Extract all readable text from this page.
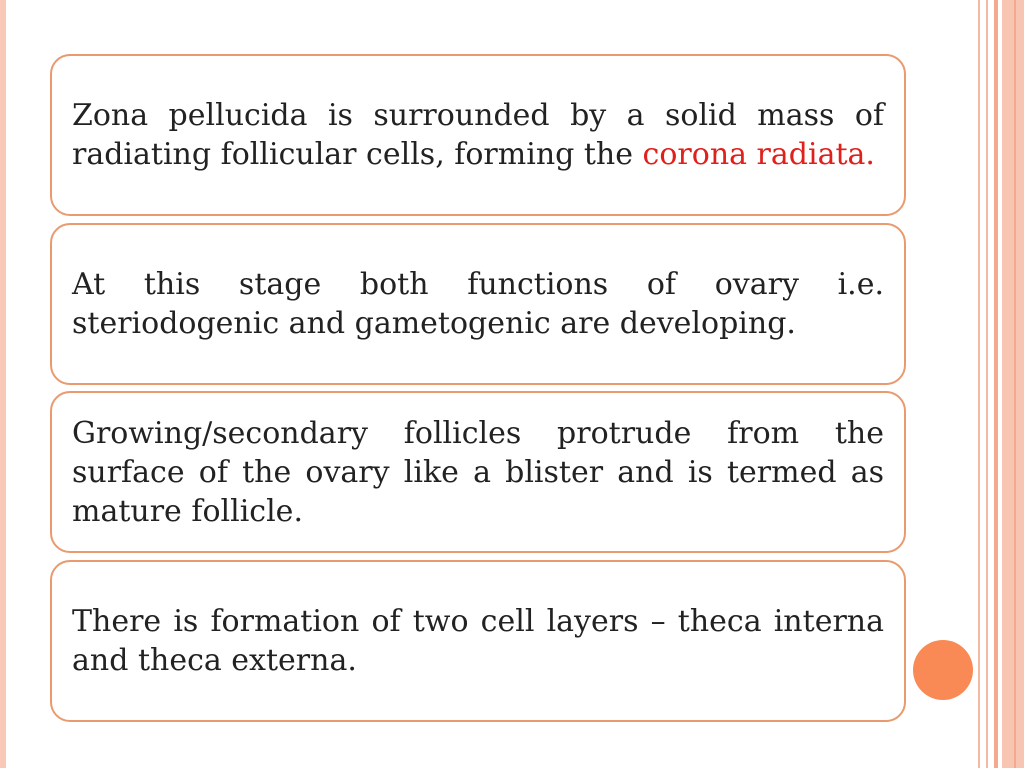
Zona pellucida is surrounded by a solid mass of radiating follicular cells, forming the corona radiata.
At this stage both functions of ovary i.e. steriodogenic and gametogenic are developing.
Growing/secondary follicles protrude from the surface of the ovary like a blister and is termed as mature follicle.
There is formation of two cell layers – theca interna and theca externa.
